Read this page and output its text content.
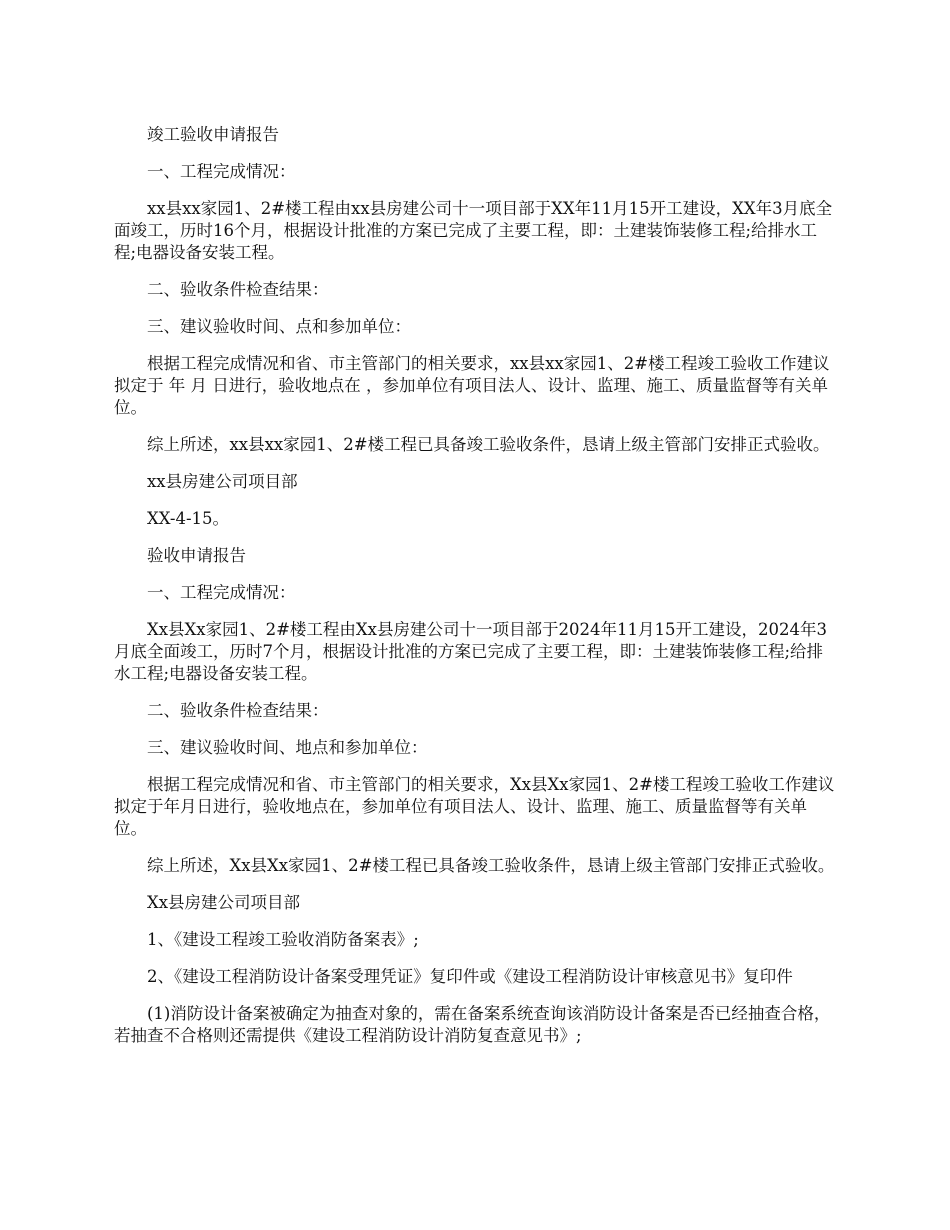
竣工验收申请报告

一、工程完成情况：

xx县xx家园1、2#楼工程由xx县房建公司十一项目部于XX年11月15开工建设，XX年3月底全面竣工，历时16个月，根据设计批准的方案已完成了主要工程，即：土建装饰装修工程;给排水工程;电器设备安装工程。

二、验收条件检查结果：

三、建议验收时间、点和参加单位：

根据工程完成情况和省、市主管部门的相关要求，xx县xx家园1、2#楼工程竣工验收工作建议拟定于 年 月 日进行，验收地点在 ，参加单位有项目法人、设计、监理、施工、质量监督等有关单位。

综上所述，xx县xx家园1、2#楼工程已具备竣工验收条件，恳请上级主管部门安排正式验收。

xx县房建公司项目部

XX-4-15。

验收申请报告

一、工程完成情况：

Xx县Xx家园1、2#楼工程由Xx县房建公司十一项目部于2024年11月15开工建设，2024年3月底全面竣工，历时7个月，根据设计批准的方案已完成了主要工程，即：土建装饰装修工程;给排水工程;电器设备安装工程。

二、验收条件检查结果：

三、建议验收时间、地点和参加单位：

根据工程完成情况和省、市主管部门的相关要求，Xx县Xx家园1、2#楼工程竣工验收工作建议拟定于年月日进行，验收地点在，参加单位有项目法人、设计、监理、施工、质量监督等有关单位。

综上所述，Xx县Xx家园1、2#楼工程已具备竣工验收条件，恳请上级主管部门安排正式验收。

Xx县房建公司项目部

1、《建设工程竣工验收消防备案表》;

2、《建设工程消防设计备案受理凭证》复印件或《建设工程消防设计审核意见书》复印件

(1)消防设计备案被确定为抽查对象的，需在备案系统查询该消防设计备案是否已经抽查合格，若抽查不合格则还需提供《建设工程消防设计消防复查意见书》;
